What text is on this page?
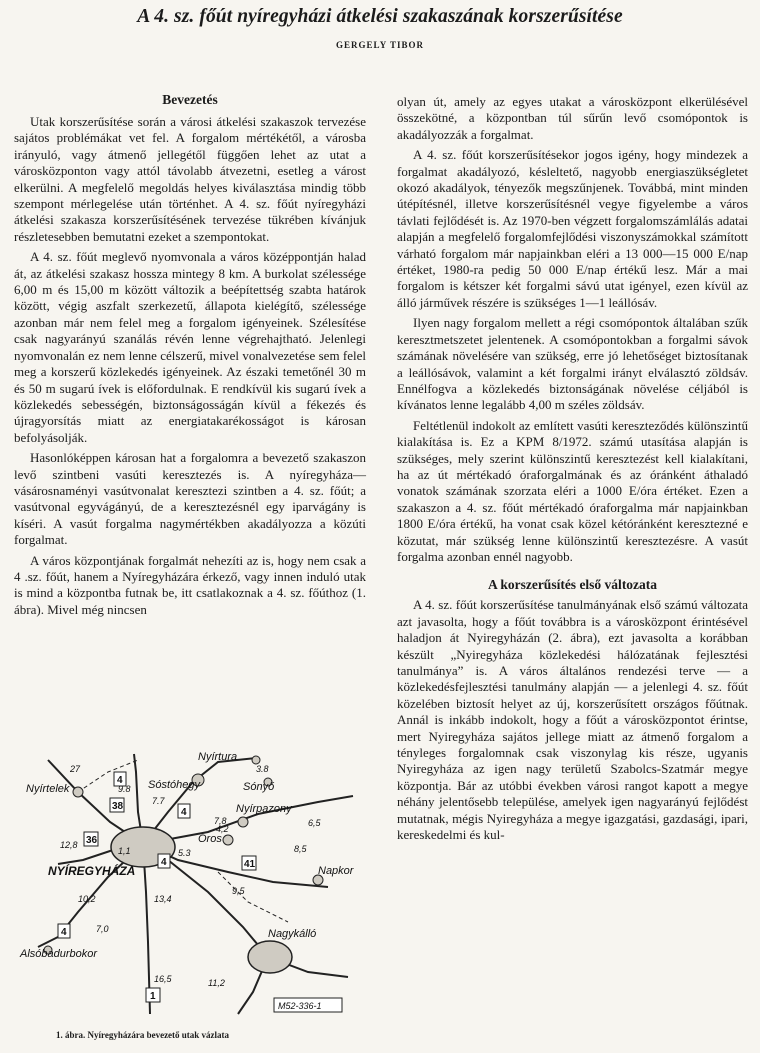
A 4. sz. főút nyíregyházi átkelési szakaszának korszerűsítése
GERGELY TIBOR
Bevezetés

Utak korszerűsítése során a városi átkelési szakaszok tervezése sajátos problémákat vet fel. A forgalom mértékétől, a városba irányuló, vagy átmenő jellegétől függően lehet az utat a városközponton vagy attól távolabb átvezetni, esetleg a várost elkerülni. A megfelelő megoldás helyes kiválasztása mindig több szempont mérlegelése után történhet. A 4. sz. főút nyíregyházi átkelési szakasza korszerűsítésének tervezése tükrében kívánjuk részletesebben bemutatni ezeket a szempontokat.

A 4. sz. főút meglevő nyomvonala a város középpontján halad át, az átkelési szakasz hossza mintegy 8 km. A burkolat szélessége 6,00 m és 15,00 m között változik a beépítettség szabta határok között, végig aszfalt szerkezetű, állapota kielégítő, szélessége azonban már nem felel meg a forgalom igényeinek. Szélesítése csak nagyarányú szanálás révén lenne végrehajtható. Jelenlegi nyomvonalán ez nem lenne célszerű, mivel vonalvezetése sem felel meg a korszerű közlekedés igényeinek. Az északi temetőnél 30 m és 50 m sugarú ívek is előfordulnak. E rendkívül kis sugarú ívek a közlekedés sebességén, biztonságosságán kívül a fékezés és újragyorsítás miatt az energiatakarékosságot is károsan befolyásolják.

Hasonlóképpen károsan hat a forgalomra a bevezető szakaszon levő szintbeni vasúti keresztezés is. A nyíregyháza—vásárosnaményi vasútvonalat keresztezi szintben a 4. sz. főút; a vasútvonal egyvágányú, de a keresztezésnél egy iparvágány is kíséri. A vasút forgalma nagymértékben akadályozza a közúti forgalmat.

A város központjának forgalmát nehezíti az is, hogy nem csak a 4 .sz. főút, hanem a Nyíregyházára érkező, vagy innen induló utak is mind a központba futnak be, itt csatlakoznak a 4. sz. főúthoz (1. ábra). Mivel még nincsen

Nyírtelek
Nyírtura
Sóstóhegy	Sónyő
Nyírpazony
Oros
Napkor
Nagykálló
Alsóbadurbokor
NYÍREGYHÁZA
38
36
41
4
4
4
4
1
27
9.8
7.7
3.8
6,5
7,8
4,2
8,5
12,8
5.3
1,1
13,4
9,5
10,2
7,0
11,2
16,5
M52-336-1
1. ábra. Nyíregyházára bevezető utak vázlata

olyan út, amely az egyes utakat a városközpont elkerülésével összekötné, a központban túl sűrűn levő csomópontok is akadályozzák a forgalmat.

A 4. sz. főút korszerűsítésekor jogos igény, hogy mindezek a forgalmat akadályozó, késleltető, nagyobb energiaszükségletet okozó akadályok, tényezők megszűnjenek. Továbbá, mint minden útépítésnél, illetve korszerűsítésnél vegye figyelembe a város távlati fejlődését is. Az 1970-ben végzett forgalomszámlálás adatai alapján a megfelelő forgalomfejlődési viszonyszámokkal számított várható forgalom már napjainkban eléri a 13 000—15 000 E/nap értéket, 1980-ra pedig 50 000 E/nap értékű lesz. Már a mai forgalom is kétszer két forgalmi sávú utat igényel, ezen kívül az álló járművek részére is szükséges 1—1 leállósáv.

Ilyen nagy forgalom mellett a régi csomópontok általában szűk keresztmetszetet jelentenek. A csomópontokban a forgalmi sávok számának növelésére van szükség, erre jó lehetőséget biztosítanak a leállósávok, valamint a két forgalmi irányt elválasztó zöldsáv. Ennélfogva a közlekedés biztonságának növelése céljából is kívánatos lenne legalább 4,00 m széles zöldsáv.

Feltétlenül indokolt az említett vasúti kereszteződés különszintű kialakítása is. Ez a KPM 8/1972. számú utasítása alapján is szükséges, mely szerint különszintű keresztezést kell kialakítani, ha az út mértékadó óraforgalmának és az óránként áthaladó vonatok számának szorzata eléri a 1000 E/óra értéket. Ezen a szakaszon a 4. sz. főút mértékadó óraforgalma már napjainkban 1800 E/óra értékű, ha vonat csak közel kétóránként keresztezné e közutat, már szükség lenne különszintű keresztezésre. A vasút forgalma azonban ennél nagyobb.

A korszerűsítés első változata

A 4. sz. főút korszerűsítése tanulmányának első számú változata azt javasolta, hogy a főút továbbra is a városközpont érintésével haladjon át Nyiregyházán (2. ábra), ezt javasolta a korábban készült „Nyiregyháza közlekedési hálózatának fejlesztési tanulmánya” is. A város általános rendezési terve — a közlekedésfejlesztési tanulmány alapján — a jelenlegi 4. sz. főút közelében biztosít helyet az új, korszerűsített országos főútnak. Annál is inkább indokolt, hogy a főút a városközpontot érintse, mert Nyiregyháza sajátos jellege miatt az átmenő forgalom a tényleges forgalomnak csak viszonylag kis része, ugyanis Nyiregyháza az igen nagy területű Szabolcs-Szatmár megye központja. Bár az utóbbi években városi rangot kapott a megye néhány jelentősebb települése, amelyek igen nagyarányú fejlődést mutatnak, mégis Nyiregyháza a megye igazgatási, gazdasági, ipari, kereskedelmi és kul-
